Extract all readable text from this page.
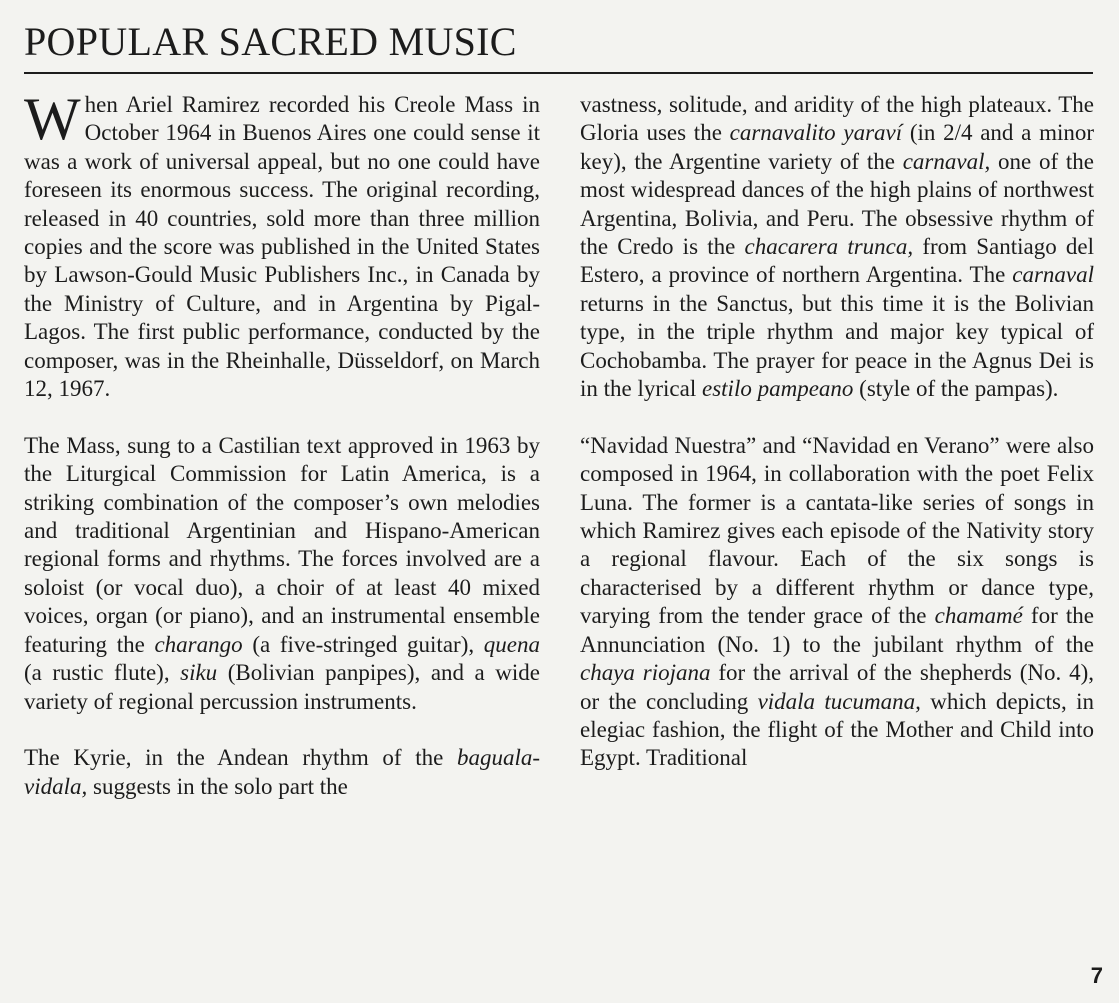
POPULAR SACRED MUSIC

When Ariel Ramirez recorded his Creole Mass in October 1964 in Buenos Aires one could sense it was a work of universal appeal, but no one could have foreseen its enormous success. The original recording, released in 40 countries, sold more than three million copies and the score was published in the United States by Lawson-Gould Music Publishers Inc., in Canada by the Ministry of Culture, and in Argentina by Pigal-Lagos. The first public performance, conducted by the composer, was in the Rheinhalle, Düsseldorf, on March 12, 1967.

The Mass, sung to a Castilian text approved in 1963 by the Liturgical Commission for Latin America, is a striking combination of the composer’s own melodies and traditional Argentinian and Hispano-American regional forms and rhythms. The forces involved are a soloist (or vocal duo), a choir of at least 40 mixed voices, organ (or piano), and an instrumental ensemble featuring the charango (a five-stringed guitar), quena (a rustic flute), siku (Bolivian panpipes), and a wide variety of regional percussion instruments.

The Kyrie, in the Andean rhythm of the baguala-vidala, suggests in the solo part the

vastness, solitude, and aridity of the high plateaux. The Gloria uses the carnavalito yaraví (in 2/4 and a minor key), the Argentine variety of the carnaval, one of the most widespread dances of the high plains of northwest Argentina, Bolivia, and Peru. The obsessive rhythm of the Credo is the chacarera trunca, from Santiago del Estero, a province of northern Argentina. The carnaval returns in the Sanctus, but this time it is the Bolivian type, in the triple rhythm and major key typical of Cochobamba. The prayer for peace in the Agnus Dei is in the lyrical estilo pampeano (style of the pampas).

“Navidad Nuestra” and “Navidad en Verano” were also composed in 1964, in collaboration with the poet Felix Luna. The former is a cantata-like series of songs in which Ramirez gives each episode of the Nativity story a regional flavour. Each of the six songs is characterised by a different rhythm or dance type, varying from the tender grace of the chamamé for the Annunciation (No. 1) to the jubilant rhythm of the chaya riojana for the arrival of the shepherds (No. 4), or the concluding vidala tucumana, which depicts, in elegiac fashion, the flight of the Mother and Child into Egypt. Traditional

7
